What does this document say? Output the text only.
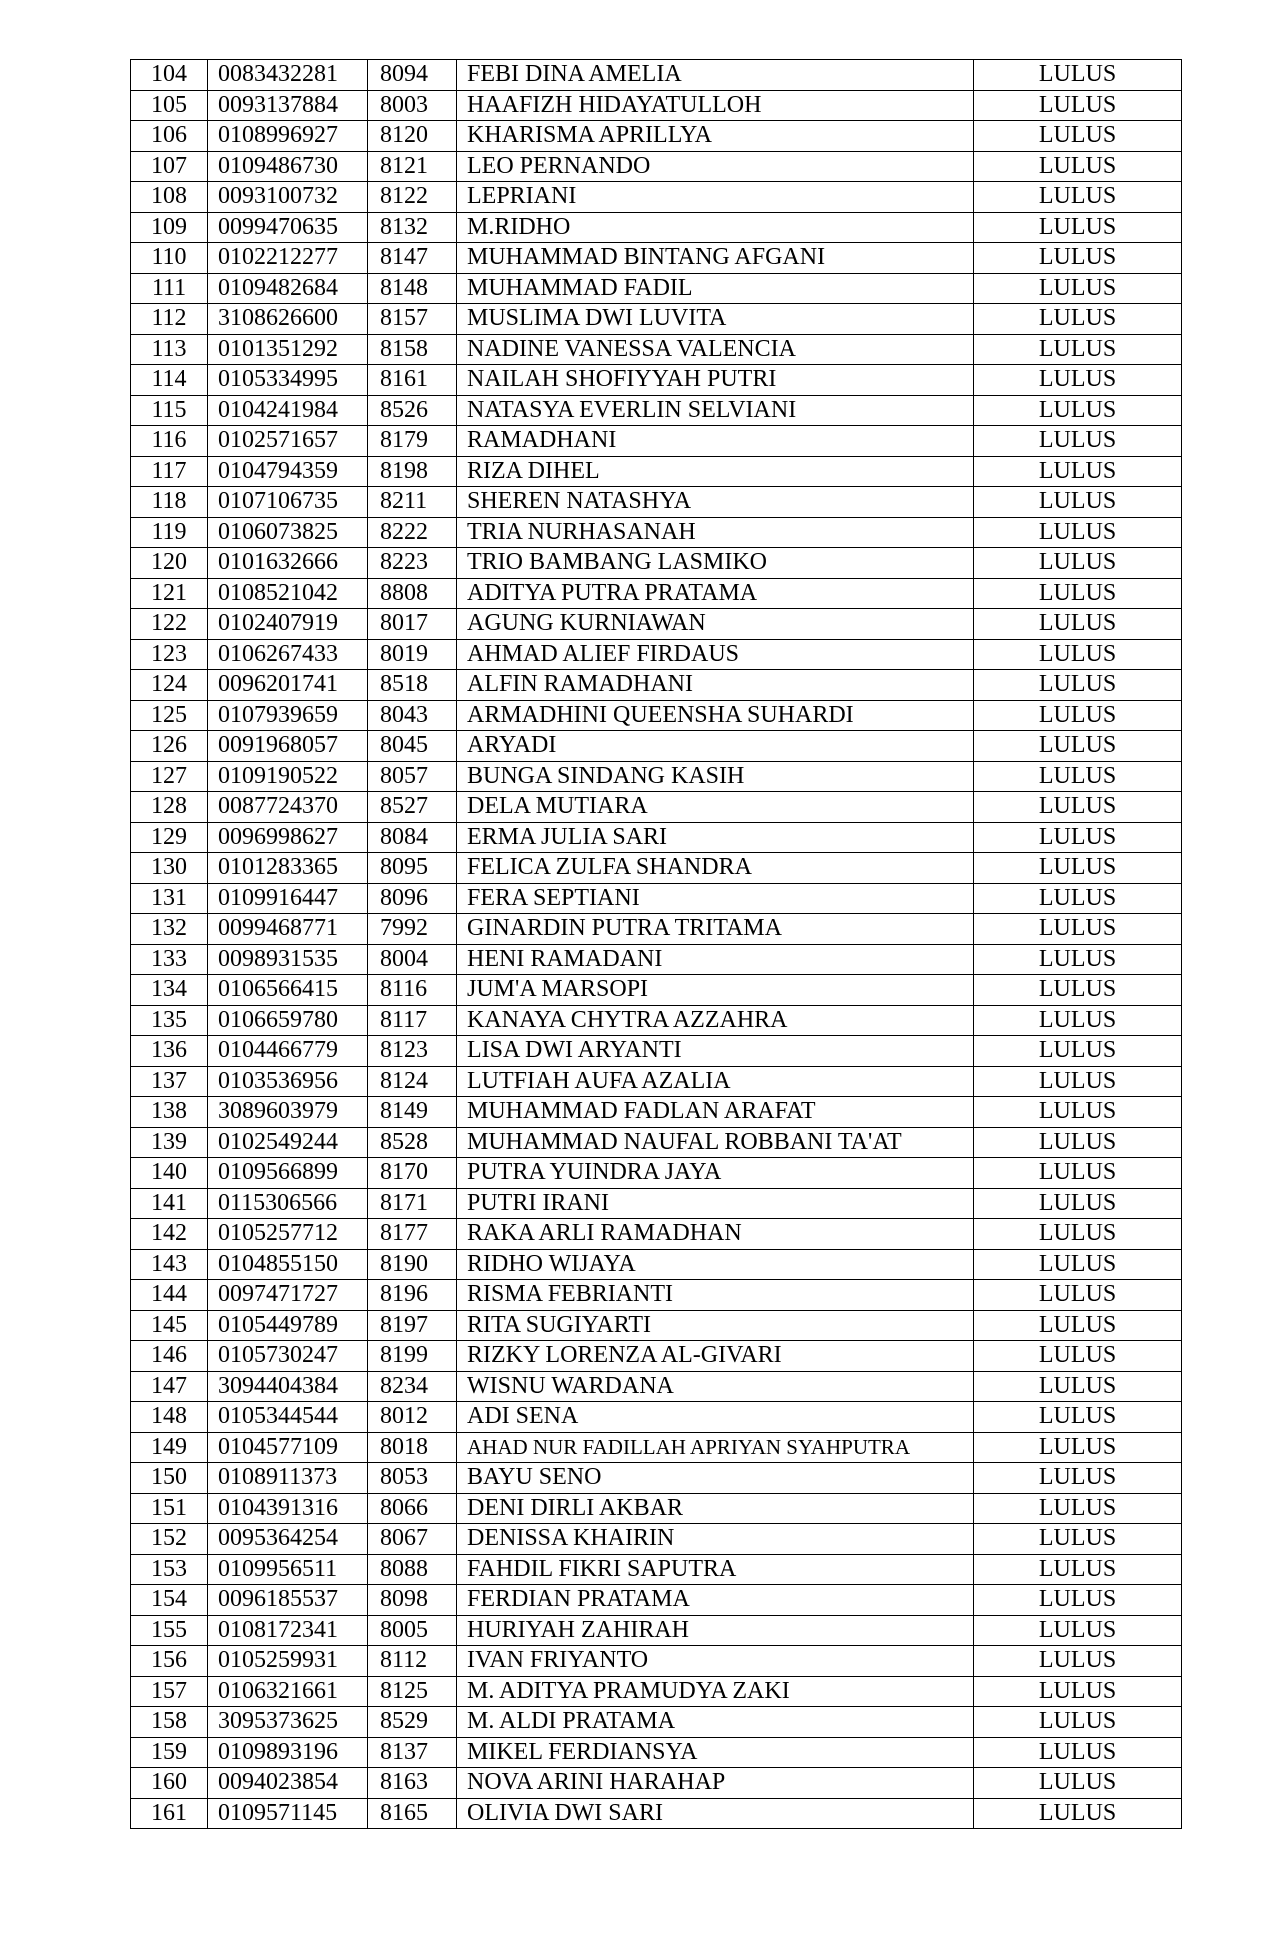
104	0083432281	8094	FEBI DINA AMELIA	LULUS
105	0093137884	8003	HAAFIZH HIDAYATULLOH	LULUS
106	0108996927	8120	KHARISMA APRILLYA	LULUS
107	0109486730	8121	LEO PERNANDO	LULUS
108	0093100732	8122	LEPRIANI	LULUS
109	0099470635	8132	M.RIDHO	LULUS
110	0102212277	8147	MUHAMMAD BINTANG AFGANI	LULUS
111	0109482684	8148	MUHAMMAD FADIL	LULUS
112	3108626600	8157	MUSLIMA DWI LUVITA	LULUS
113	0101351292	8158	NADINE VANESSA VALENCIA	LULUS
114	0105334995	8161	NAILAH SHOFIYYAH PUTRI	LULUS
115	0104241984	8526	NATASYA EVERLIN SELVIANI	LULUS
116	0102571657	8179	RAMADHANI	LULUS
117	0104794359	8198	RIZA DIHEL	LULUS
118	0107106735	8211	SHEREN NATASHYA	LULUS
119	0106073825	8222	TRIA NURHASANAH	LULUS
120	0101632666	8223	TRIO BAMBANG LASMIKO	LULUS
121	0108521042	8808	ADITYA PUTRA PRATAMA	LULUS
122	0102407919	8017	AGUNG KURNIAWAN	LULUS
123	0106267433	8019	AHMAD ALIEF FIRDAUS	LULUS
124	0096201741	8518	ALFIN RAMADHANI	LULUS
125	0107939659	8043	ARMADHINI QUEENSHA SUHARDI	LULUS
126	0091968057	8045	ARYADI	LULUS
127	0109190522	8057	BUNGA SINDANG KASIH	LULUS
128	0087724370	8527	DELA MUTIARA	LULUS
129	0096998627	8084	ERMA JULIA SARI	LULUS
130	0101283365	8095	FELICA ZULFA SHANDRA	LULUS
131	0109916447	8096	FERA SEPTIANI	LULUS
132	0099468771	7992	GINARDIN PUTRA TRITAMA	LULUS
133	0098931535	8004	HENI RAMADANI	LULUS
134	0106566415	8116	JUM'A MARSOPI	LULUS
135	0106659780	8117	KANAYA CHYTRA AZZAHRA	LULUS
136	0104466779	8123	LISA DWI ARYANTI	LULUS
137	0103536956	8124	LUTFIAH AUFA AZALIA	LULUS
138	3089603979	8149	MUHAMMAD FADLAN ARAFAT	LULUS
139	0102549244	8528	MUHAMMAD NAUFAL ROBBANI TA'AT	LULUS
140	0109566899	8170	PUTRA YUINDRA JAYA	LULUS
141	0115306566	8171	PUTRI IRANI	LULUS
142	0105257712	8177	RAKA ARLI RAMADHAN	LULUS
143	0104855150	8190	RIDHO WIJAYA	LULUS
144	0097471727	8196	RISMA FEBRIANTI	LULUS
145	0105449789	8197	RITA SUGIYARTI	LULUS
146	0105730247	8199	RIZKY LORENZA AL-GIVARI	LULUS
147	3094404384	8234	WISNU WARDANA	LULUS
148	0105344544	8012	ADI SENA	LULUS
149	0104577109	8018	AHAD NUR FADILLAH APRIYAN SYAHPUTRA	LULUS
150	0108911373	8053	BAYU SENO	LULUS
151	0104391316	8066	DENI DIRLI AKBAR	LULUS
152	0095364254	8067	DENISSA KHAIRIN	LULUS
153	0109956511	8088	FAHDIL FIKRI SAPUTRA	LULUS
154	0096185537	8098	FERDIAN PRATAMA	LULUS
155	0108172341	8005	HURIYAH ZAHIRAH	LULUS
156	0105259931	8112	IVAN FRIYANTO	LULUS
157	0106321661	8125	M. ADITYA PRAMUDYA ZAKI	LULUS
158	3095373625	8529	M. ALDI PRATAMA	LULUS
159	0109893196	8137	MIKEL FERDIANSYA	LULUS
160	0094023854	8163	NOVA ARINI HARAHAP	LULUS
161	0109571145	8165	OLIVIA DWI SARI	LULUS
